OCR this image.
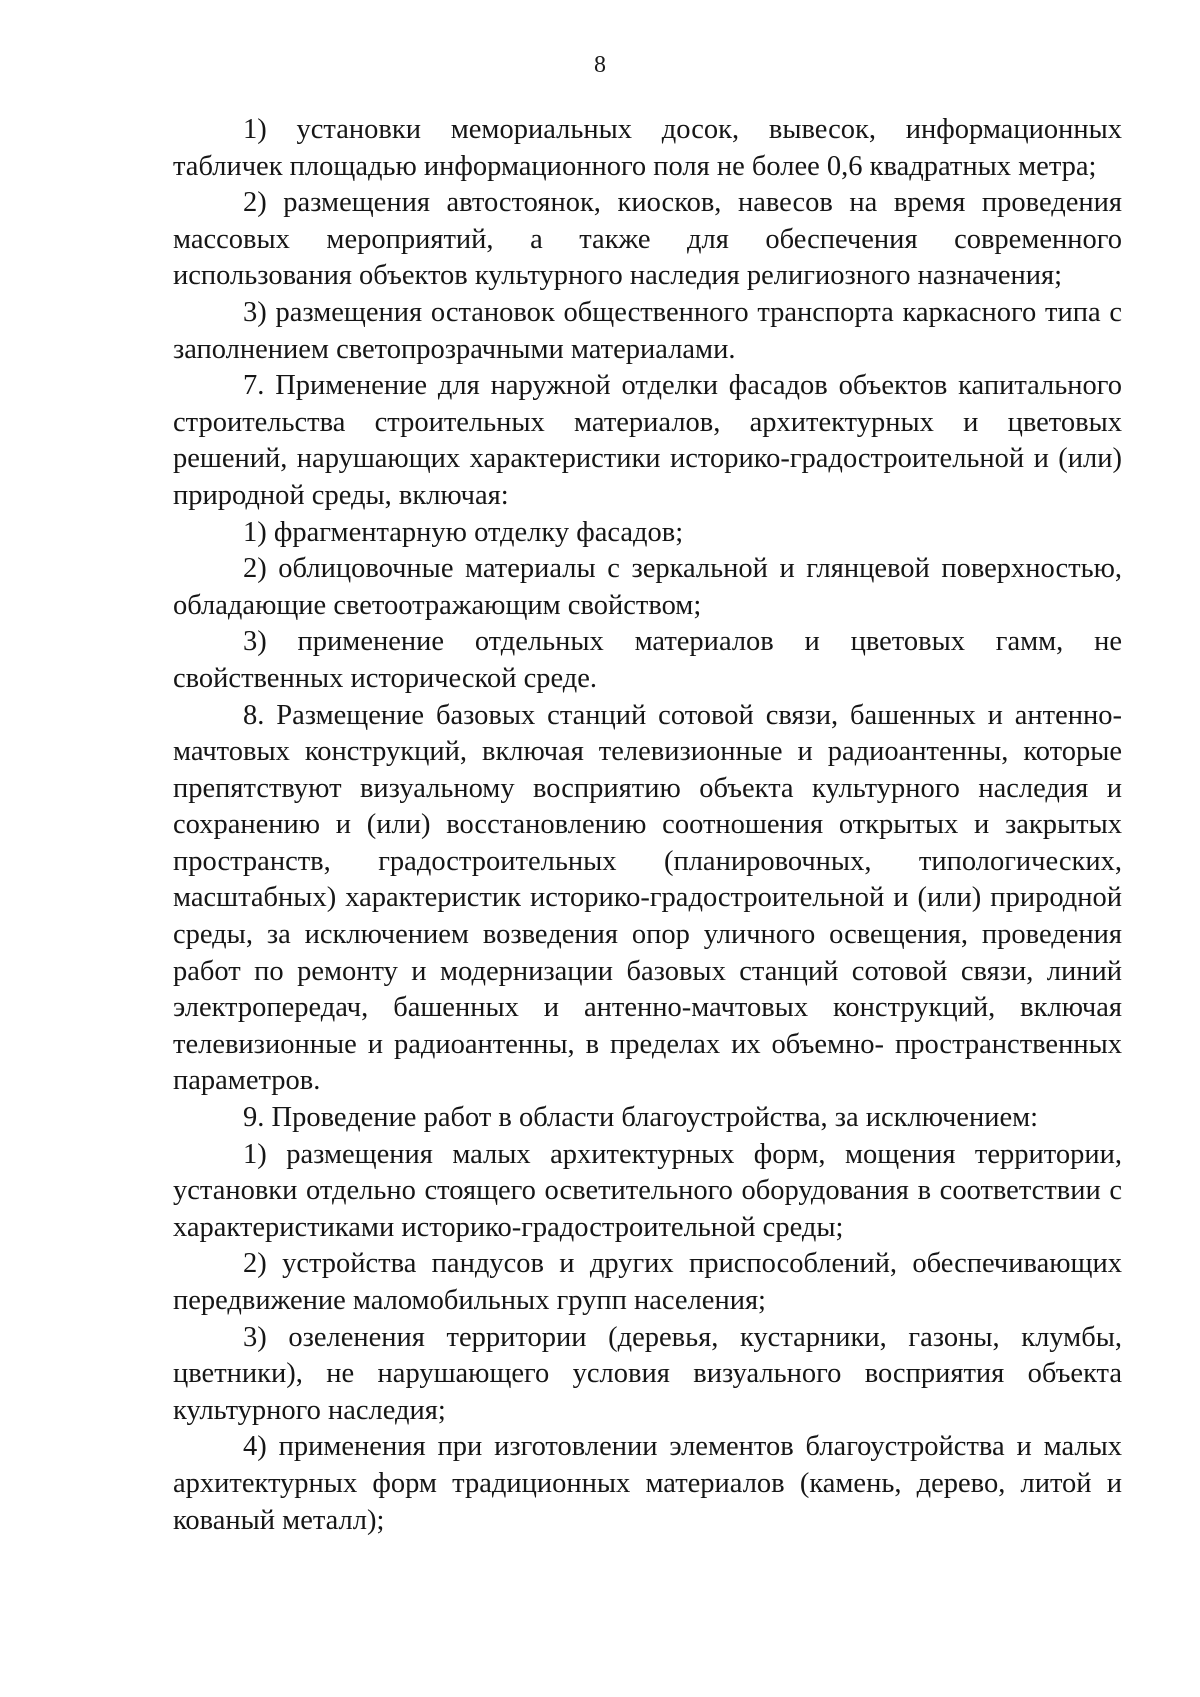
8

1) установки мемориальных досок, вывесок, информационных табличек площадью информационного поля не более 0,6 квадратных метра;

2) размещения автостоянок, киосков, навесов на время проведения массовых мероприятий, а также для обеспечения современного использования объектов культурного наследия религиозного назначения;

3) размещения остановок общественного транспорта каркасного типа с заполнением светопрозрачными материалами.

7. Применение для наружной отделки фасадов объектов капитального строительства строительных материалов, архитектурных и цветовых решений, нарушающих характеристики историко-градостроительной и (или) природной среды, включая:

1) фрагментарную отделку фасадов;

2) облицовочные материалы с зеркальной и глянцевой поверхностью, обладающие светоотражающим свойством;

3) применение отдельных материалов и цветовых гамм, не свойственных исторической среде.

8. Размещение базовых станций сотовой связи, башенных и антенно-мачтовых конструкций, включая телевизионные и радиоантенны, которые препятствуют визуальному восприятию объекта культурного наследия и сохранению и (или) восстановлению соотношения открытых и закрытых пространств, градостроительных (планировочных, типологических, масштабных) характеристик историко-градостроительной и (или) природной среды, за исключением возведения опор уличного освещения, проведения работ по ремонту и модернизации базовых станций сотовой связи, линий электропередач, башенных и антенно-мачтовых конструкций, включая телевизионные и радиоантенны, в пределах их объемно- пространственных параметров.

9. Проведение работ в области благоустройства, за исключением:

1) размещения малых архитектурных форм, мощения территории, установки отдельно стоящего осветительного оборудования в соответствии с характеристиками историко-градостроительной среды;

2) устройства пандусов и других приспособлений, обеспечивающих передвижение маломобильных групп населения;

3) озеленения территории (деревья, кустарники, газоны, клумбы, цветники), не нарушающего условия визуального восприятия объекта культурного наследия;

4) применения при изготовлении элементов благоустройства и малых архитектурных форм традиционных материалов (камень, дерево, литой и кованый металл);
